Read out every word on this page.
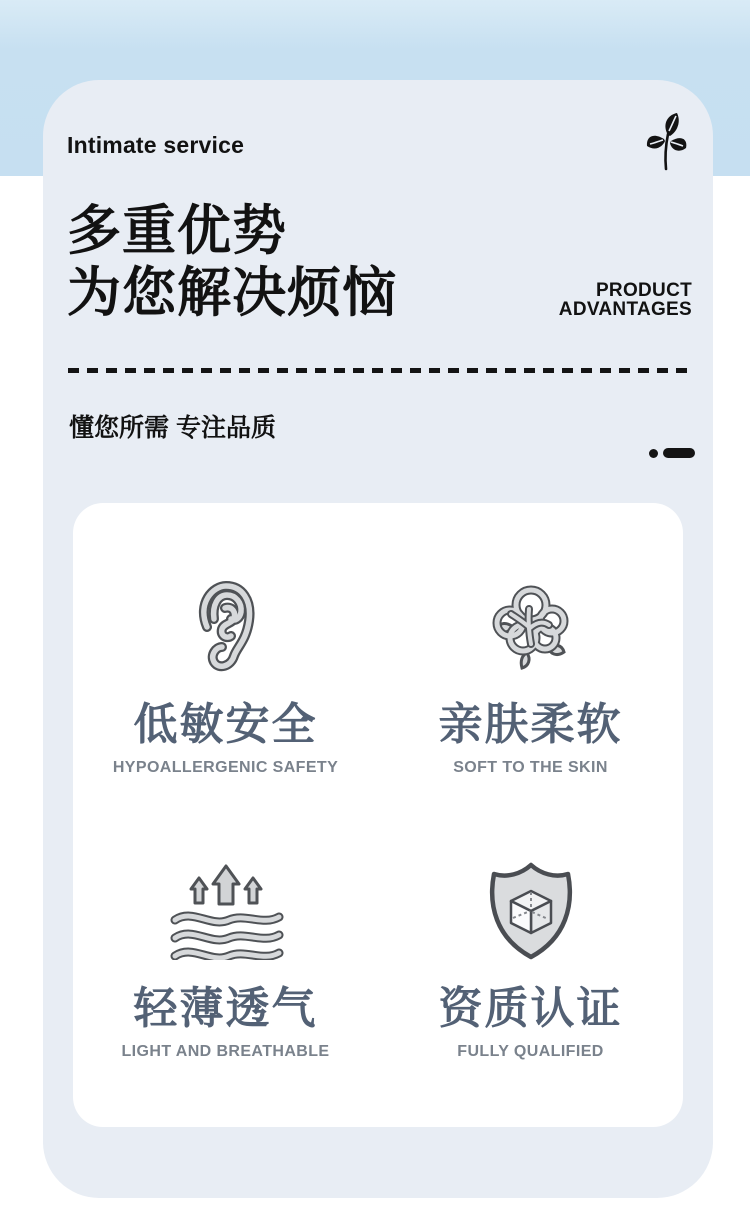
Intimate service
多重优势
为您解决烦恼	PRODUCT
ADVANTAGES
懂您所需 专注品质
低敏安全
HYPOALLERGENIC SAFETY
亲肤柔软
SOFT TO THE SKIN
轻薄透气
LIGHT AND BREATHABLE
资质认证
FULLY QUALIFIED
